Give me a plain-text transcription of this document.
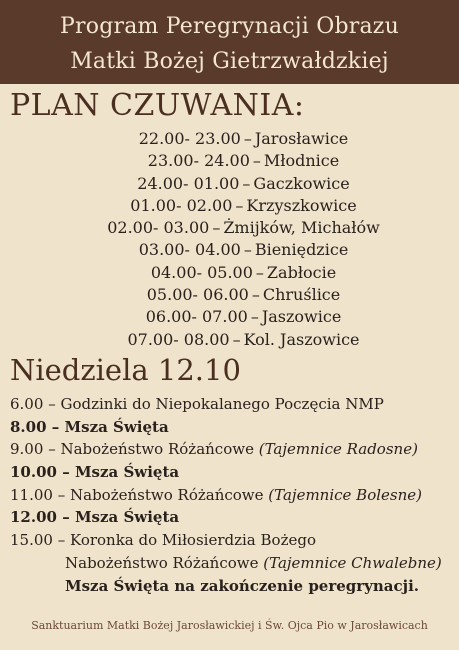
Program Peregrynacji Obrazu
Matki Bożej Gietrzwałdzkiej
PLAN CZUWANIA:
22.00- 23.00 – Jarosławice
23.00- 24.00 – Młodnice
24.00- 01.00 – Gaczkowice
01.00- 02.00 – Krzyszkowice
02.00- 03.00 – Żmijków, Michałów
03.00- 04.00 – Bieniędzice
04.00- 05.00 – Zabłocie
05.00- 06.00 – Chruślice
06.00- 07.00 – Jaszowice
07.00- 08.00 – Kol. Jaszowice
Niedziela 12.10
6.00 – Godzinki do Niepokalanego Poczęcia NMP
8.00 – Msza Święta
9.00 – Nabożeństwo Różańcowe (Tajemnice Radosne)
10.00 – Msza Święta
11.00 – Nabożeństwo Różańcowe (Tajemnice Bolesne)
12.00 – Msza Święta
15.00 – Koronka do Miłosierdzia Bożego
Nabożeństwo Różańcowe (Tajemnice Chwalebne)
Msza Święta na zakończenie peregrynacji.
Sanktuarium Matki Bożej Jarosławickiej i Św. Ojca Pio w Jarosławicach
